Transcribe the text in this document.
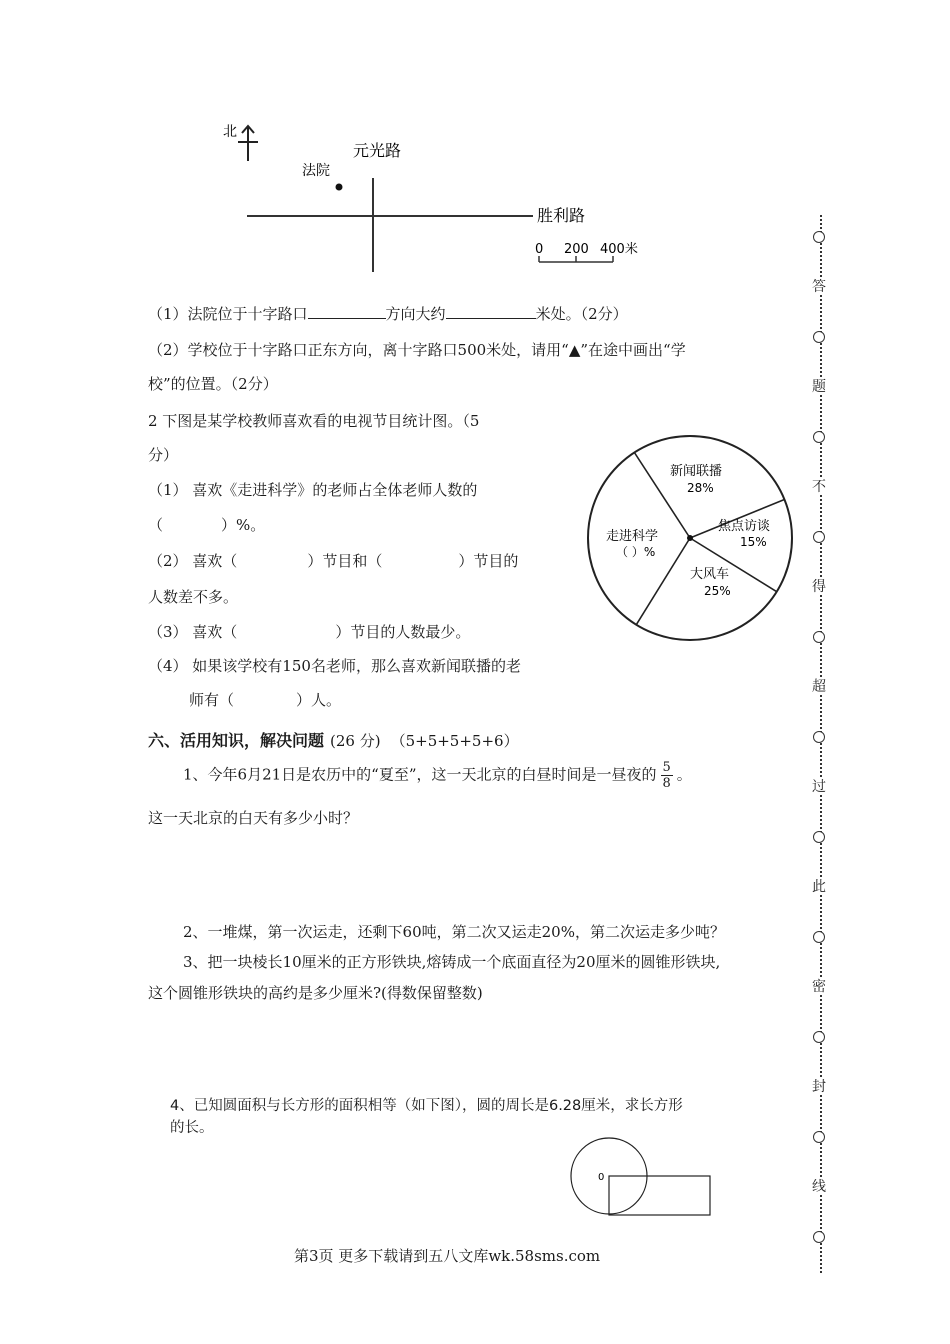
北
法院
元光路
胜利路
0 200 400米
（1）法院位于十字路口	方向大约	米处。（2分）
（2）学校位于十字路口正东方向，离十字路口500米处，请用“▲”在途中画出“学
校”的位置。（2分）
2 下图是某学校教师喜欢看的电视节目统计图。（5
分）
（1） 喜欢《走进科学》的老师占全体老师人数的
（	）%。
（2） 喜欢（	）节目和（	）节目的
人数差不多。
（3） 喜欢（	）节目的人数最少。
（4） 如果该学校有150名老师，那么喜欢新闻联播的老
师有（	）人。
新闻联播
28%
焦点访谈
15%
大风车
25%
走进科学
（ ）%
六、活用知识，解决问题 (26 分) （5+5+5+5+6）
1、今年6月21日是农历中的“夏至”，这一天北京的白昼时间是一昼夜的 $\frac{5}{8}$ 。
这一天北京的白天有多少小时？
2、一堆煤，第一次运走，还剩下60吨，第二次又运走20%，第二次运走多少吨？
3、把一块棱长10厘米的正方形铁块,熔铸成一个底面直径为20厘米的圆锥形铁块,
这个圆锥形铁块的高约是多少厘米?(得数保留整数)
4、已知圆面积与长方形的面积相等（如下图），圆的周长是6.28厘米，求长方形
的长。
0
答
题
不
得
超
过
此
密
封
线
第3页 更多下载请到五八文库wk.58sms.com
